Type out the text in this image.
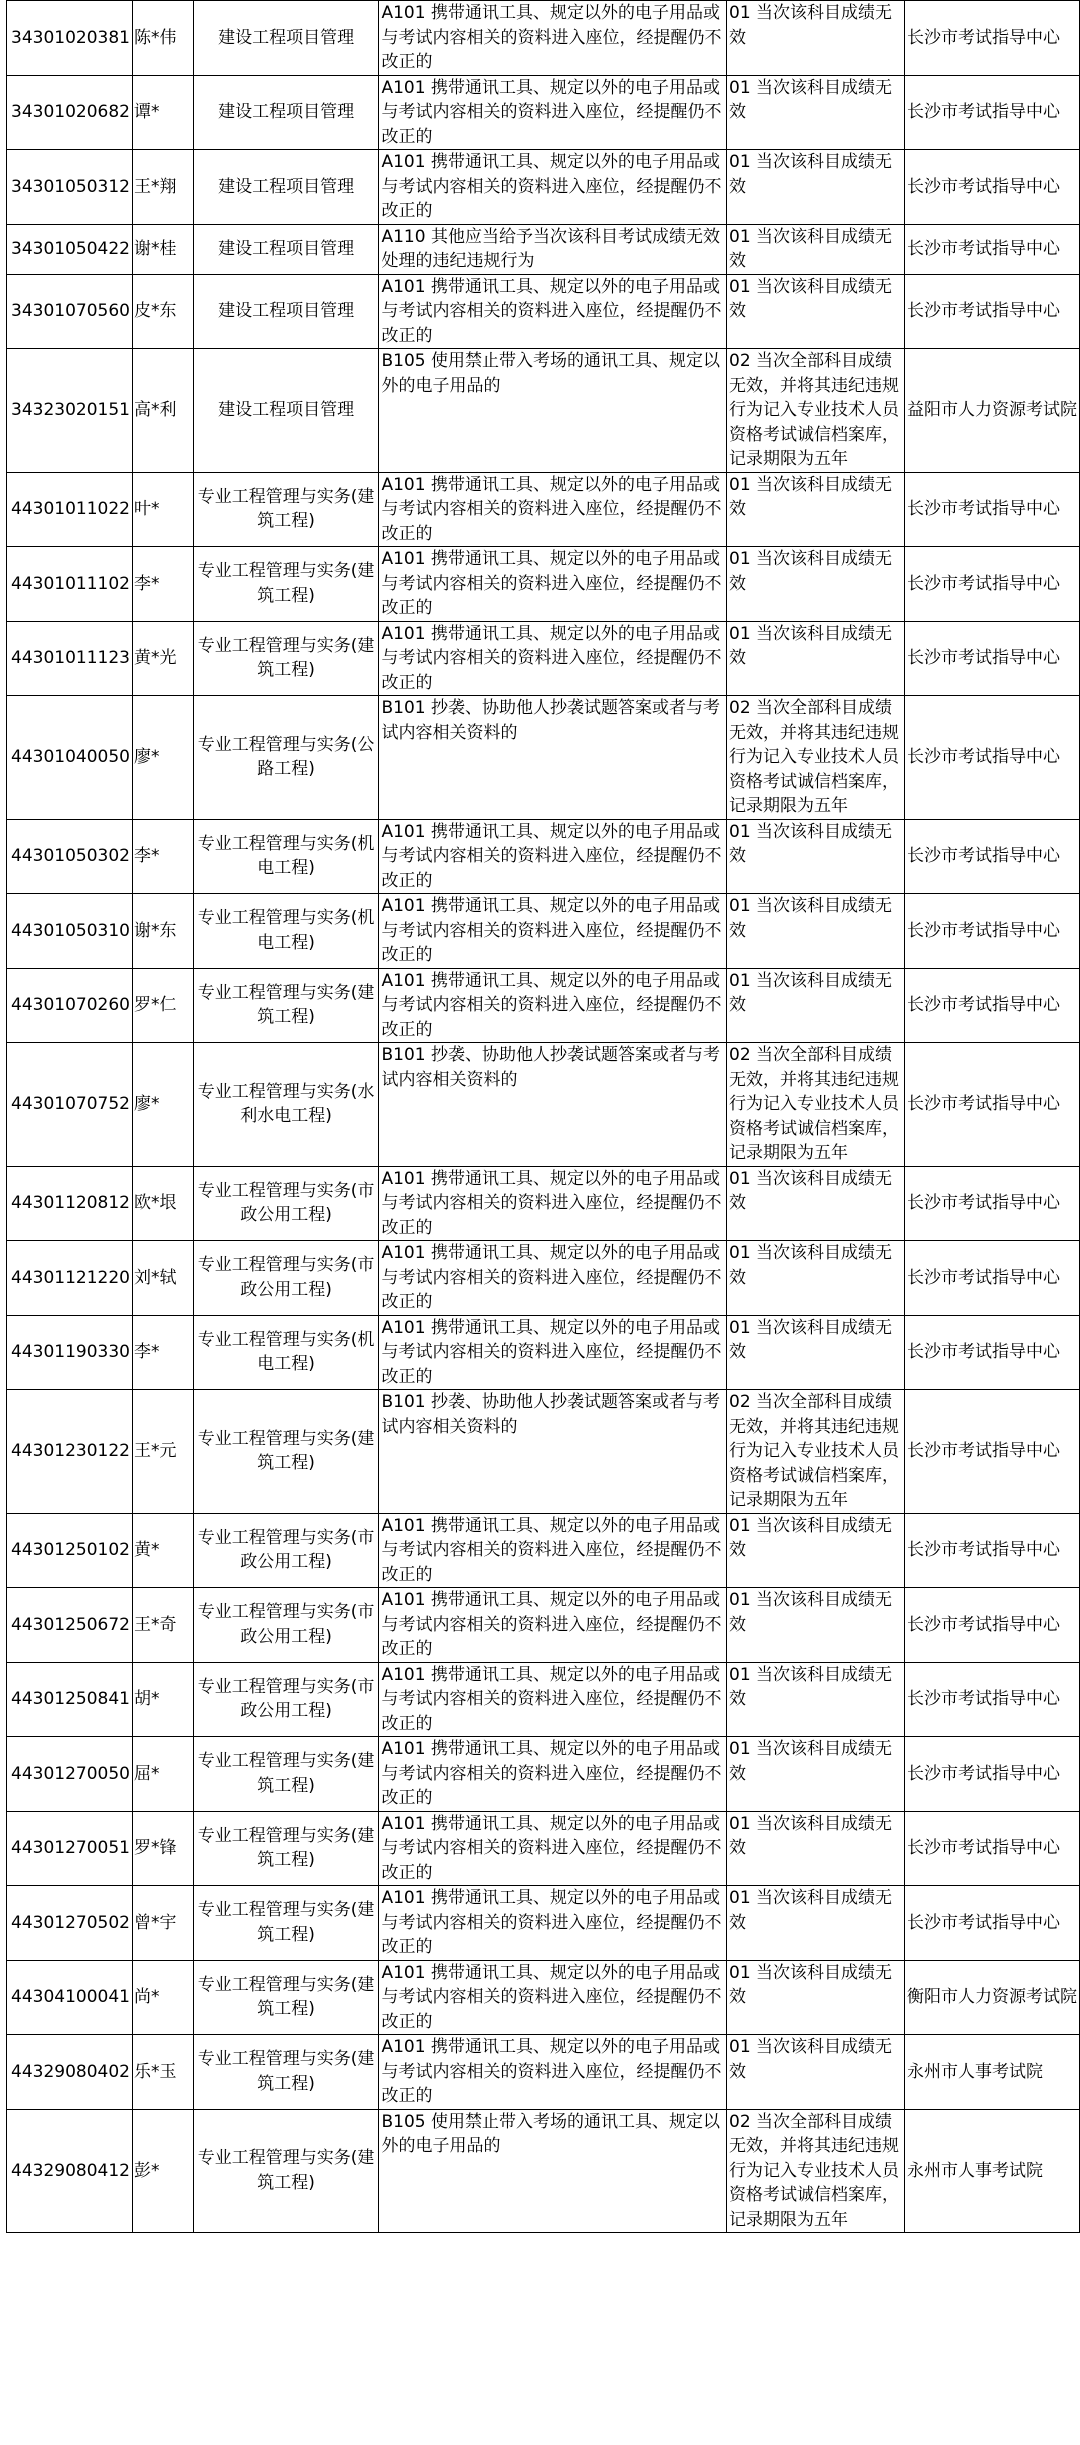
34301020381	陈*伟	建设工程项目管理	A101 携带通讯工具、规定以外的电子用品或与考试内容相关的资料进入座位，经提醒仍不改正的	01 当次该科目成绩无效	长沙市考试指导中心
34301020682	谭*	建设工程项目管理	A101 携带通讯工具、规定以外的电子用品或与考试内容相关的资料进入座位，经提醒仍不改正的	01 当次该科目成绩无效	长沙市考试指导中心
34301050312	王*翔	建设工程项目管理	A101 携带通讯工具、规定以外的电子用品或与考试内容相关的资料进入座位，经提醒仍不改正的	01 当次该科目成绩无效	长沙市考试指导中心
34301050422	谢*桂	建设工程项目管理	A110 其他应当给予当次该科目考试成绩无效处理的违纪违规行为	01 当次该科目成绩无效	长沙市考试指导中心
34301070560	皮*东	建设工程项目管理	A101 携带通讯工具、规定以外的电子用品或与考试内容相关的资料进入座位，经提醒仍不改正的	01 当次该科目成绩无效	长沙市考试指导中心
34323020151	高*利	建设工程项目管理	B105 使用禁止带入考场的通讯工具、规定以外的电子用品的	02 当次全部科目成绩无效，并将其违纪违规行为记入专业技术人员资格考试诚信档案库，记录期限为五年	益阳市人力资源考试院
44301011022	叶*	专业工程管理与实务(建筑工程)	A101 携带通讯工具、规定以外的电子用品或与考试内容相关的资料进入座位，经提醒仍不改正的	01 当次该科目成绩无效	长沙市考试指导中心
44301011102	李*	专业工程管理与实务(建筑工程)	A101 携带通讯工具、规定以外的电子用品或与考试内容相关的资料进入座位，经提醒仍不改正的	01 当次该科目成绩无效	长沙市考试指导中心
44301011123	黄*光	专业工程管理与实务(建筑工程)	A101 携带通讯工具、规定以外的电子用品或与考试内容相关的资料进入座位，经提醒仍不改正的	01 当次该科目成绩无效	长沙市考试指导中心
44301040050	廖*	专业工程管理与实务(公路工程)	B101 抄袭、协助他人抄袭试题答案或者与考试内容相关资料的	02 当次全部科目成绩无效，并将其违纪违规行为记入专业技术人员资格考试诚信档案库，记录期限为五年	长沙市考试指导中心
44301050302	李*	专业工程管理与实务(机电工程)	A101 携带通讯工具、规定以外的电子用品或与考试内容相关的资料进入座位，经提醒仍不改正的	01 当次该科目成绩无效	长沙市考试指导中心
44301050310	谢*东	专业工程管理与实务(机电工程)	A101 携带通讯工具、规定以外的电子用品或与考试内容相关的资料进入座位，经提醒仍不改正的	01 当次该科目成绩无效	长沙市考试指导中心
44301070260	罗*仁	专业工程管理与实务(建筑工程)	A101 携带通讯工具、规定以外的电子用品或与考试内容相关的资料进入座位，经提醒仍不改正的	01 当次该科目成绩无效	长沙市考试指导中心
44301070752	廖*	专业工程管理与实务(水利水电工程)	B101 抄袭、协助他人抄袭试题答案或者与考试内容相关资料的	02 当次全部科目成绩无效，并将其违纪违规行为记入专业技术人员资格考试诚信档案库，记录期限为五年	长沙市考试指导中心
44301120812	欧*垠	专业工程管理与实务(市政公用工程)	A101 携带通讯工具、规定以外的电子用品或与考试内容相关的资料进入座位，经提醒仍不改正的	01 当次该科目成绩无效	长沙市考试指导中心
44301121220	刘*轼	专业工程管理与实务(市政公用工程)	A101 携带通讯工具、规定以外的电子用品或与考试内容相关的资料进入座位，经提醒仍不改正的	01 当次该科目成绩无效	长沙市考试指导中心
44301190330	李*	专业工程管理与实务(机电工程)	A101 携带通讯工具、规定以外的电子用品或与考试内容相关的资料进入座位，经提醒仍不改正的	01 当次该科目成绩无效	长沙市考试指导中心
44301230122	王*元	专业工程管理与实务(建筑工程)	B101 抄袭、协助他人抄袭试题答案或者与考试内容相关资料的	02 当次全部科目成绩无效，并将其违纪违规行为记入专业技术人员资格考试诚信档案库，记录期限为五年	长沙市考试指导中心
44301250102	黄*	专业工程管理与实务(市政公用工程)	A101 携带通讯工具、规定以外的电子用品或与考试内容相关的资料进入座位，经提醒仍不改正的	01 当次该科目成绩无效	长沙市考试指导中心
44301250672	王*奇	专业工程管理与实务(市政公用工程)	A101 携带通讯工具、规定以外的电子用品或与考试内容相关的资料进入座位，经提醒仍不改正的	01 当次该科目成绩无效	长沙市考试指导中心
44301250841	胡*	专业工程管理与实务(市政公用工程)	A101 携带通讯工具、规定以外的电子用品或与考试内容相关的资料进入座位，经提醒仍不改正的	01 当次该科目成绩无效	长沙市考试指导中心
44301270050	屈*	专业工程管理与实务(建筑工程)	A101 携带通讯工具、规定以外的电子用品或与考试内容相关的资料进入座位，经提醒仍不改正的	01 当次该科目成绩无效	长沙市考试指导中心
44301270051	罗*锋	专业工程管理与实务(建筑工程)	A101 携带通讯工具、规定以外的电子用品或与考试内容相关的资料进入座位，经提醒仍不改正的	01 当次该科目成绩无效	长沙市考试指导中心
44301270502	曾*宇	专业工程管理与实务(建筑工程)	A101 携带通讯工具、规定以外的电子用品或与考试内容相关的资料进入座位，经提醒仍不改正的	01 当次该科目成绩无效	长沙市考试指导中心
44304100041	尚*	专业工程管理与实务(建筑工程)	A101 携带通讯工具、规定以外的电子用品或与考试内容相关的资料进入座位，经提醒仍不改正的	01 当次该科目成绩无效	衡阳市人力资源考试院
44329080402	乐*玉	专业工程管理与实务(建筑工程)	A101 携带通讯工具、规定以外的电子用品或与考试内容相关的资料进入座位，经提醒仍不改正的	01 当次该科目成绩无效	永州市人事考试院
44329080412	彭*	专业工程管理与实务(建筑工程)	B105 使用禁止带入考场的通讯工具、规定以外的电子用品的	02 当次全部科目成绩无效，并将其违纪违规行为记入专业技术人员资格考试诚信档案库，记录期限为五年	永州市人事考试院
